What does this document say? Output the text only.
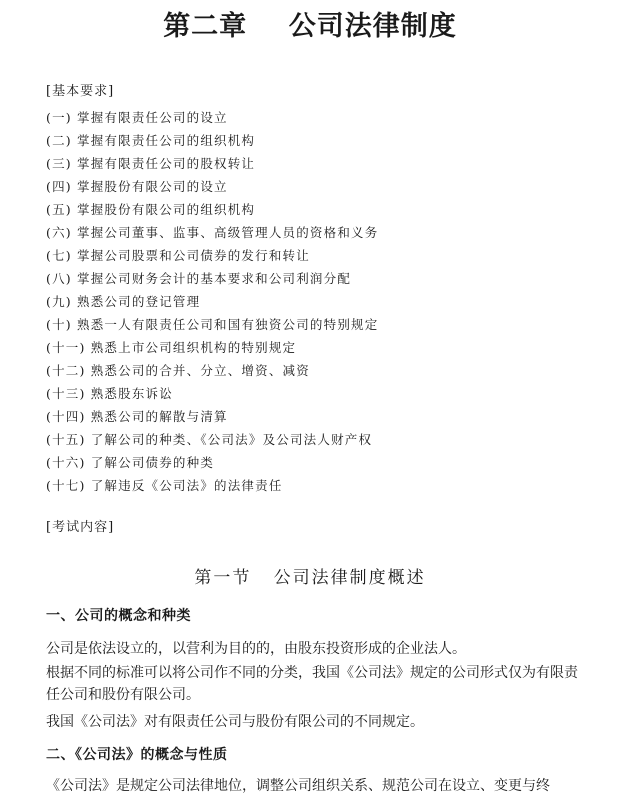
第二章    公司法律制度
[基本要求]
(一) 掌握有限责任公司的设立
(二) 掌握有限责任公司的组织机构
(三) 掌握有限责任公司的股权转让
(四) 掌握股份有限公司的设立
(五) 掌握股份有限公司的组织机构
(六) 掌握公司董事、监事、高级管理人员的资格和义务
(七) 掌握公司股票和公司债券的发行和转让
(八) 掌握公司财务会计的基本要求和公司利润分配
(九) 熟悉公司的登记管理
(十) 熟悉一人有限责任公司和国有独资公司的特别规定
(十一) 熟悉上市公司组织机构的特别规定
(十二) 熟悉公司的合并、分立、增资、减资
(十三) 熟悉股东诉讼
(十四) 熟悉公司的解散与清算
(十五) 了解公司的种类、《公司法》及公司法人财产权
(十六) 了解公司债券的种类
(十七) 了解违反《公司法》的法律责任
[考试内容]
第一节   公司法律制度概述
一、公司的概念和种类

公司是依法设立的，以营利为目的的，由股东投资形成的企业法人。

根据不同的标准可以将公司作不同的分类，我国《公司法》规定的公司形式仅为有限责任公司和股份有限公司。

我国《公司法》对有限责任公司与股份有限公司的不同规定。

二、《公司法》的概念与性质

《公司法》是规定公司法律地位，调整公司组织关系、规范公司在设立、变更与终
